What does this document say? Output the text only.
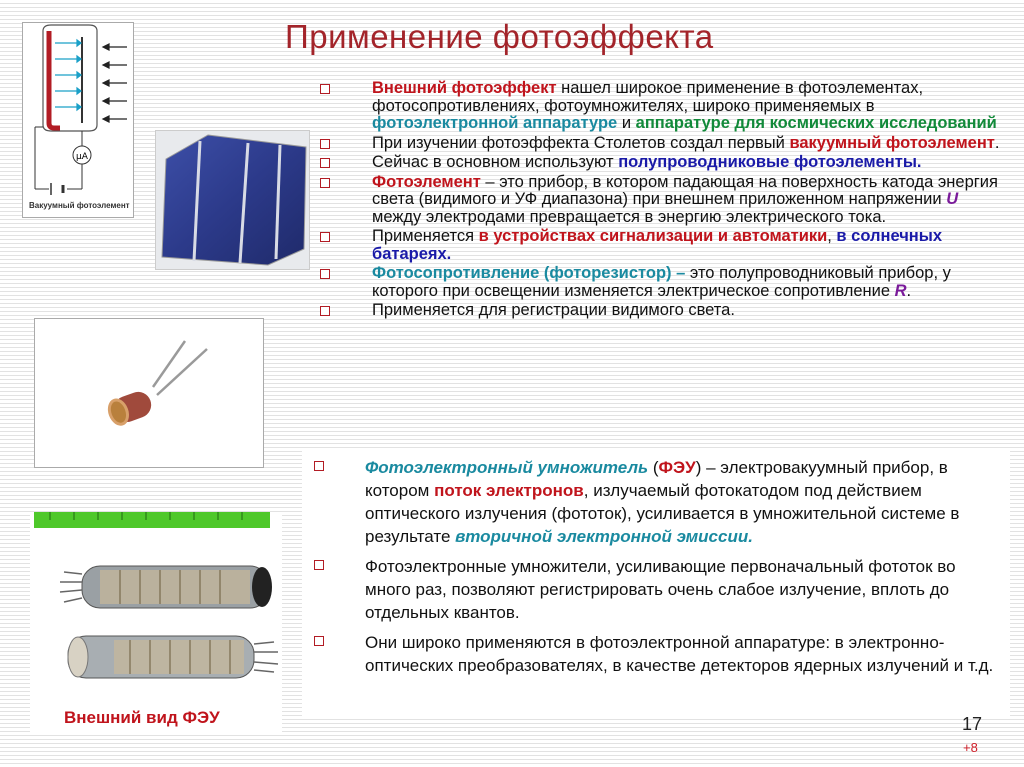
Применение фотоэффекта
μA
Вакуумный фотоэлемент
Внешний вид ФЭУ
Внешний фотоэффект нашел широкое применение в фотоэлементах, фотосопротивлениях, фотоумножителях, широко применяемых в фотоэлектронной аппаратуре и аппаратуре для космических исследований
При изучении фотоэффекта Столетов создал первый вакуумный фотоэлемент.
Сейчас в основном используют полупроводниковые фотоэлементы.
Фотоэлемент – это прибор, в котором падающая на поверхность катода энергия света (видимого и УФ диапазона) при внешнем приложенном напряжении U между электродами превращается в энергию электрического тока.
Применяется в устройствах сигнализации и автоматики, в солнечных батареях.
Фотосопротивление (фоторезистор) – это полупроводниковый прибор, у которого при освещении изменяется электрическое сопротивление R.
Применяется для регистрации видимого света.
Фотоэлектронный умножитель (ФЭУ) – электровакуумный прибор, в котором поток электронов, излучаемый фотокатодом под действием оптического излучения (фототок), усиливается в умножительной системе в результате вторичной электронной эмиссии.
Фотоэлектронные умножители, усиливающие первоначальный фототок во много раз, позволяют регистрировать очень слабое излучение, вплоть до отдельных квантов.
Они широко применяются в фотоэлектронной аппаратуре: в электронно-оптических преобразователях, в качестве детекторов ядерных излучений и т.д.
17
+8
